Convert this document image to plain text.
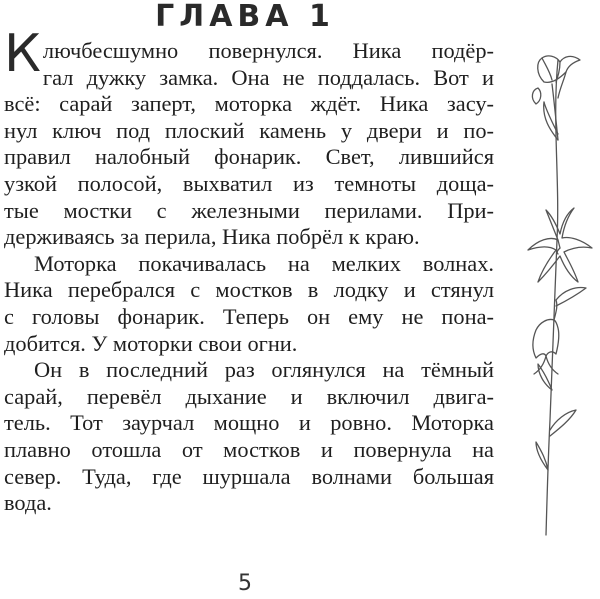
ГЛАВА 1
Ключбесшумно повернулся. Ника подёр-
гал дужку замка. Она не поддалась. Вот и
всё: сарай заперт, моторка ждёт. Ника засу-
нул ключ под плоский камень у двери и по-
правил налобный фонарик. Свет, лившийся
узкой полосой, выхватил из темноты доща-
тые мостки с железными перилами. При-
держиваясь за перила, Ника побрёл к краю.
Моторка покачивалась на мелких волнах.
Ника перебрался с мостков в лодку и стянул
с головы фонарик. Теперь он ему не пона-
добится. У моторки свои огни.
Он в последний раз оглянулся на тёмный
сарай, перевёл дыхание и включил двига-
тель. Тот заурчал мощно и ровно. Моторка
плавно отошла от мостков и повернула на
север. Туда, где шуршала волнами большая
вода.
5
